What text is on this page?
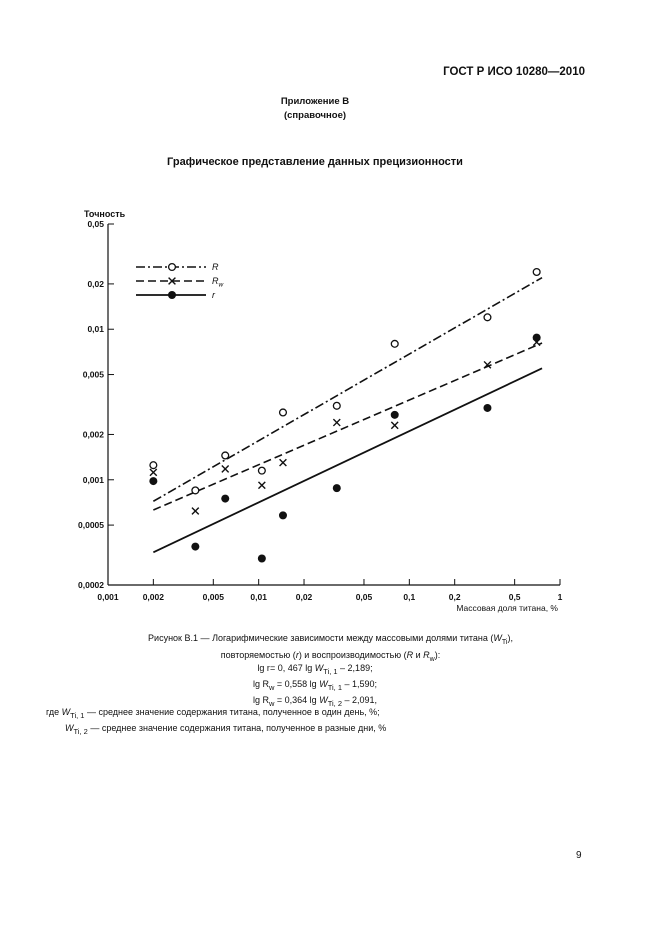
ГОСТ Р ИСО 10280—2010
Приложение В
(справочное)
Графическое представление данных прецизионности
0,0002
0,0005
0,001
0,002
0,005
0,01
0,02
0,05
0,001	0,002	0,005	0,01	0,02	0,05	0,1	0,2	0,5	1
R
$R_w$
r
Точность
Массовая доля титана, %
Рисунок В.1 — Логарифмические зависимости между массовыми долями титана $(W_{Ti})$,
повторяемостью (r) и воспроизводимостью (R и $R_w$):
lg r= 0, 467 $\lg W_{Ti, 1} - 2,189$;
$\lg R_w = 0,558$ $\lg W_{Ti, 1} - 1,590$;
$\lg R_w = 0,364$ $\lg W_{Ti, 2} - 2,091$,
где $W_{Ti, 1}$ — среднее значение содержания титана, полученное в один день, %;
$W_{Ti, 2}$ — среднее значение содержания титана, полученное в разные дни, %
9
